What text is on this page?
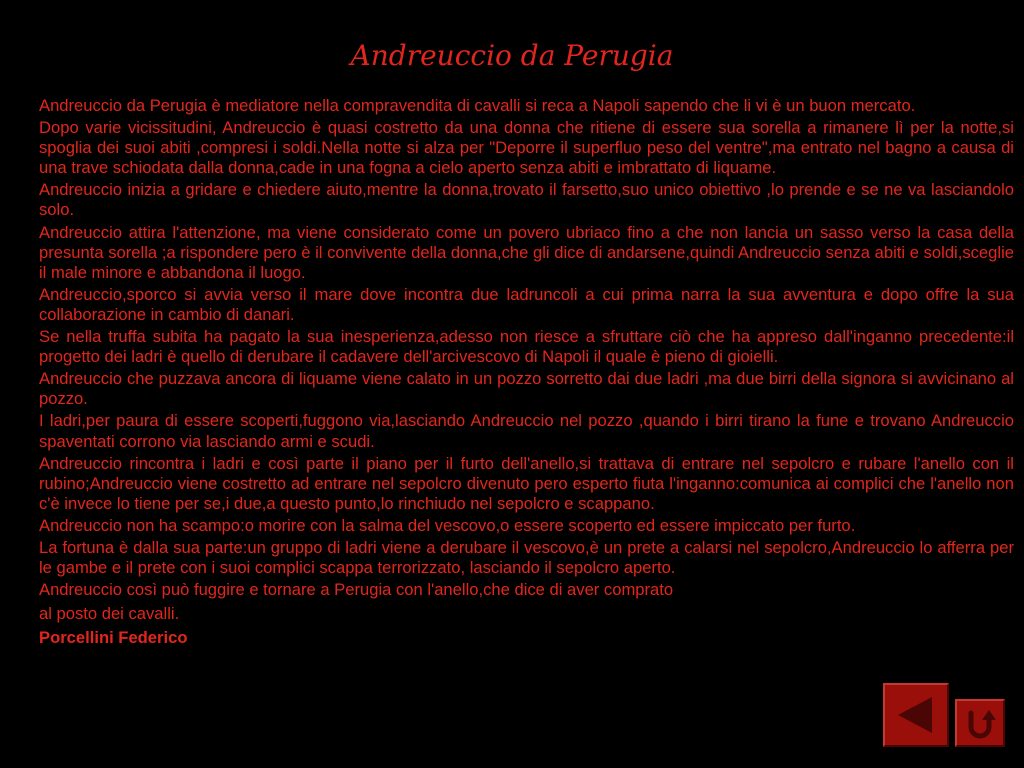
Andreuccio da Perugia

Andreuccio da Perugia è mediatore nella compravendita di cavalli si reca a Napoli sapendo che li vi è un buon mercato.

Dopo varie vicissitudini, Andreuccio è quasi costretto da una donna che ritiene di essere sua sorella a rimanere lì per la notte,si spoglia dei suoi abiti ,compresi i soldi.Nella notte si alza per "Deporre il superfluo peso del ventre",ma entrato nel bagno a causa di una trave schiodata dalla donna,cade in una fogna a cielo aperto senza abiti e imbrattato di liquame.

Andreuccio inizia a gridare e chiedere aiuto,mentre la donna,trovato il farsetto,suo unico obiettivo ,lo prende e se ne va lasciandolo solo.

Andreuccio attira l'attenzione, ma viene considerato come un povero ubriaco fino a che non lancia un sasso verso la casa della presunta sorella ;a rispondere pero è il convivente della donna,che gli dice di andarsene,quindi Andreuccio senza abiti e soldi,sceglie il male minore e abbandona il luogo.

Andreuccio,sporco si avvia verso il mare dove incontra due ladruncoli a cui prima narra la sua avventura e dopo offre la sua collaborazione in cambio di danari.

Se nella truffa subita ha pagato la sua inesperienza,adesso non riesce a sfruttare ciò che ha appreso dall'inganno precedente:il progetto dei ladri è quello di derubare il cadavere dell'arcivescovo di Napoli il quale è pieno di gioielli.

Andreuccio che puzzava ancora di liquame viene calato in un pozzo sorretto dai due ladri ,ma due birri della signora si avvicinano al pozzo.

I ladri,per paura di essere scoperti,fuggono via,lasciando Andreuccio nel pozzo ,quando i birri tirano la fune e trovano Andreuccio spaventati corrono via lasciando armi e scudi.

Andreuccio rincontra i ladri e così parte il piano per il furto dell'anello,si trattava di entrare nel sepolcro e rubare l'anello con il rubino;Andreuccio viene costretto ad entrare nel sepolcro divenuto pero esperto fiuta l'inganno:comunica ai complici che l'anello non c'è invece lo tiene per se,i due,a questo punto,lo rinchiudo nel sepolcro e scappano.

Andreuccio non ha scampo:o morire con la salma del vescovo,o essere scoperto ed essere impiccato per furto.

La fortuna è dalla sua parte:un gruppo di ladri viene a derubare il vescovo,è un prete a calarsi nel sepolcro,Andreuccio lo afferra per le gambe e il prete con i suoi complici scappa terrorizzato, lasciando il sepolcro aperto.

Andreuccio così può fuggire e tornare a Perugia con l'anello,che dice di aver comprato

al posto dei cavalli.

Porcellini Federico
